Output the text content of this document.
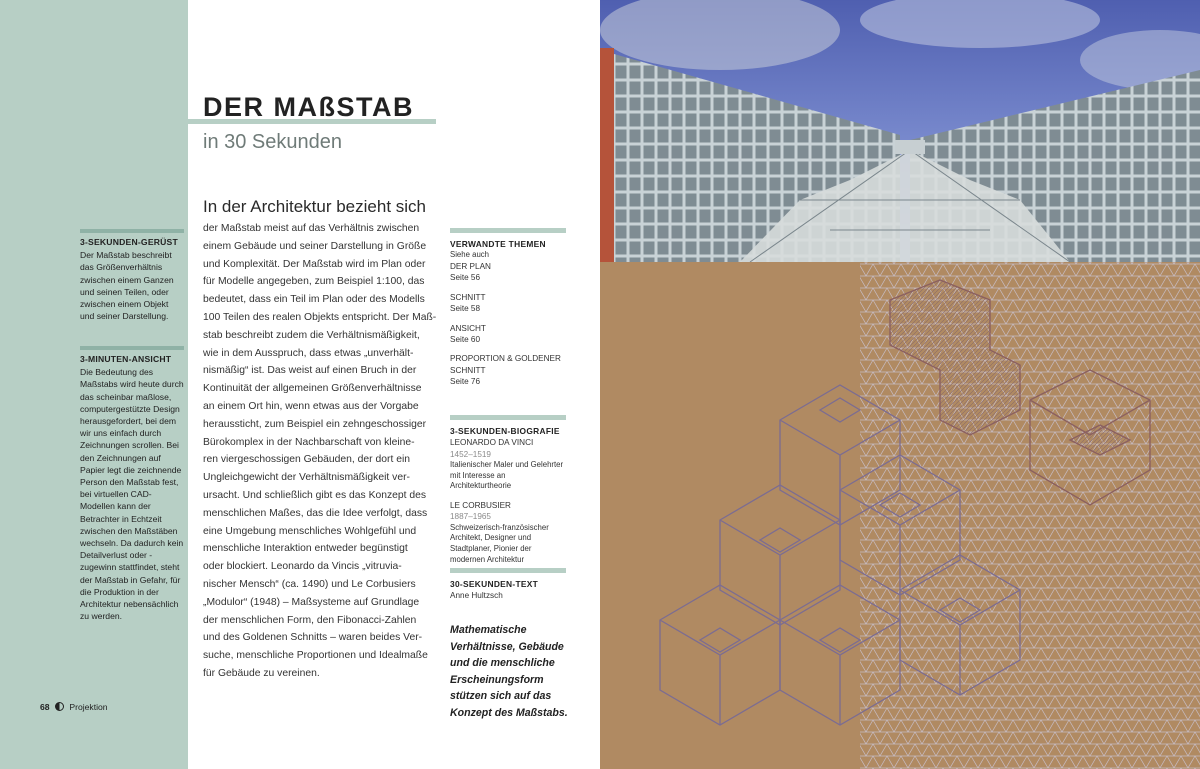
3-SEKUNDEN-GERÜST
Der Maßstab beschreibt das Größenverhältnis zwischen einem Ganzen und seinen Teilen, oder zwischen einem Objekt und seiner Darstellung.
3-MINUTEN-ANSICHT
Die Bedeutung des Maßstabs wird heute durch das scheinbar maßlose, computergestützte Design herausgefordert, bei dem wir uns einfach durch Zeichnungen scrollen. Bei den Zeichnungen auf Papier legt die zeichnende Person den Maßstab fest, bei virtuellen CAD-Modellen kann der Betrachter in Echtzeit zwischen den Maßstäben wechseln. Da dadurch kein Detailverlust oder -zugewinn stattfindet, steht der Maßstab in Gefahr, für die Produktion in der Architektur nebensächlich zu werden.
DER MAßSTAB
in 30 Sekunden
In der Architektur bezieht sich
der Maßstab meist auf das Verhältnis zwischen
einem Gebäude und seiner Darstellung in Größe
und Komplexität. Der Maßstab wird im Plan oder
für Modelle angegeben, zum Beispiel 1:100, das
bedeutet, dass ein Teil im Plan oder des Modells
100 Teilen des realen Objekts entspricht. Der Maß-
stab beschreibt zudem die Verhältnismäßigkeit,
wie in dem Ausspruch, dass etwas „unverhält-
nismäßig“ ist. Das weist auf einen Bruch in der
Kontinuität der allgemeinen Größenverhältnisse
an einem Ort hin, wenn etwas aus der Vorgabe
heraussticht, zum Beispiel ein zehngeschossiger
Bürokomplex in der Nachbarschaft von kleine-
ren viergeschossigen Gebäuden, der dort ein
Ungleichgewicht der Verhältnismäßigkeit ver-
ursacht. Und schließlich gibt es das Konzept des
menschlichen Maßes, das die Idee verfolgt, dass
eine Umgebung menschliches Wohlgefühl und
menschliche Interaktion entweder begünstigt
oder blockiert. Leonardo da Vincis „vitruvia-
nischer Mensch“ (ca. 1490) und Le Corbusiers
„Modulor“ (1948) – Maßsysteme auf Grundlage
der menschlichen Form, den Fibonacci-Zahlen
und des Goldenen Schnitts – waren beides Ver-
suche, menschliche Proportionen und Idealmaße
für Gebäude zu vereinen.
VERWANDTE THEMEN
Siehe auch
DER PLAN
Seite 56
SCHNITT
Seite 58
ANSICHT
Seite 60
PROPORTION & GOLDENER SCHNITT
Seite 76
3-SEKUNDEN-BIOGRAFIE
LEONARDO DA VINCI
1452–1519
Italienischer Maler und Gelehrter mit Interesse an Architekturtheorie
LE CORBUSIER
1887–1965
Schweizerisch-französischer Architekt, Designer und Stadtplaner, Pionier der modernen Architektur
30-SEKUNDEN-TEXT
Anne Hultzsch
Mathematische Verhältnisse, Gebäude und die menschliche Erscheinungsform stützen sich auf das Konzept des Maßstabs.
68 Projektion
